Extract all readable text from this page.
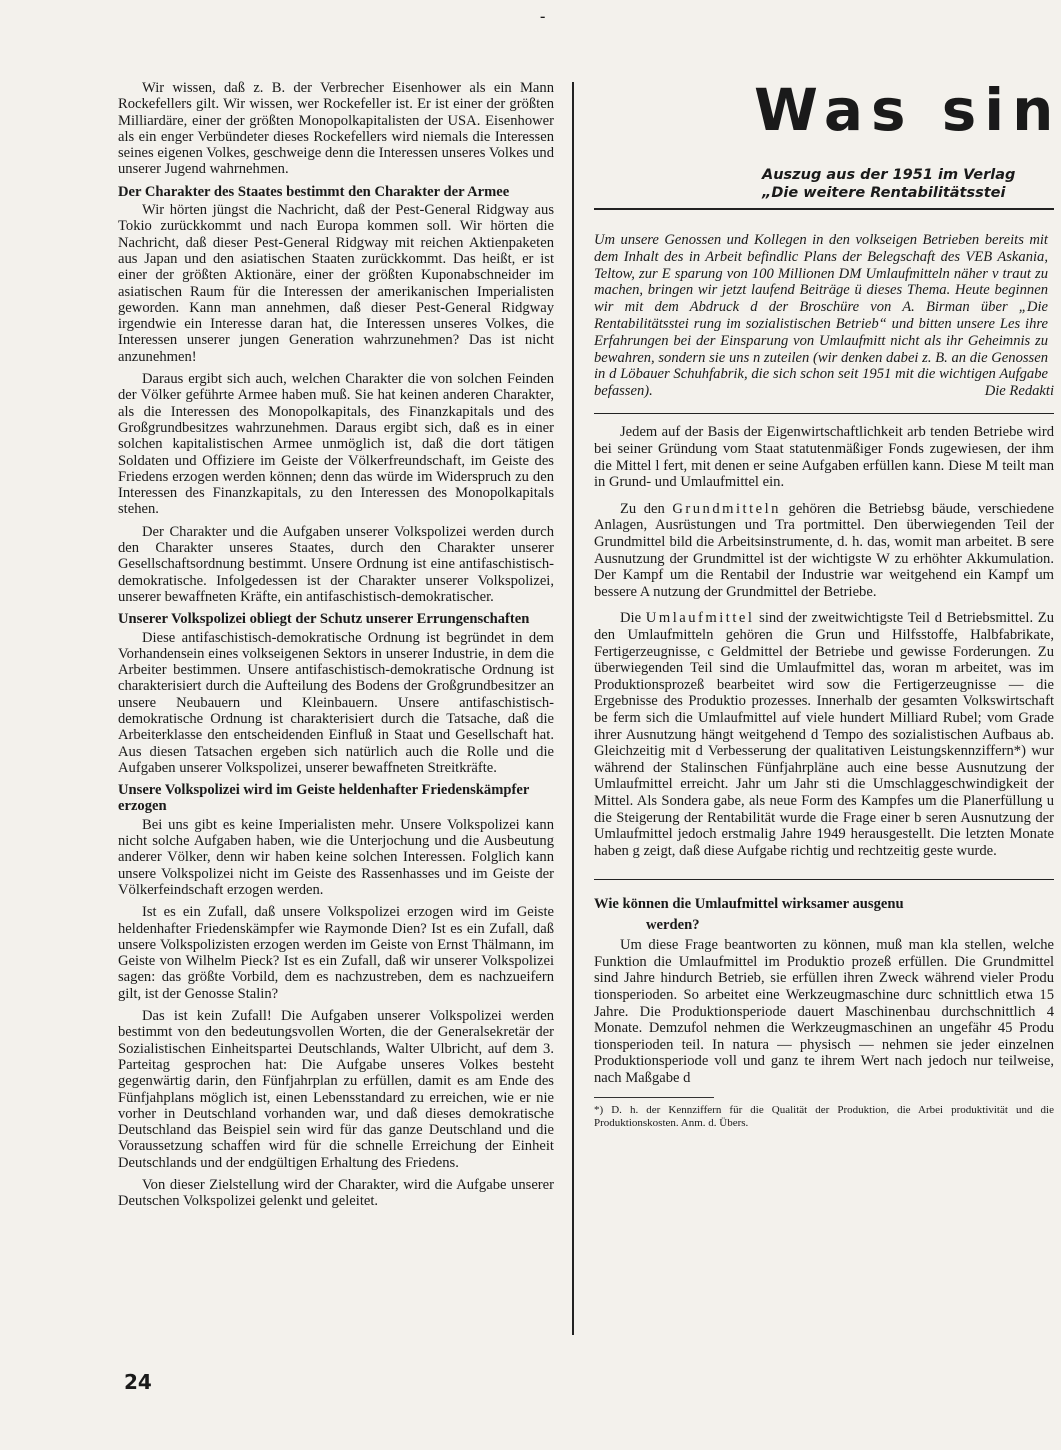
-

Wir wissen, daß z. B. der Verbrecher Eisenhower als ein Mann Rockefellers gilt. Wir wissen, wer Rockefeller ist. Er ist einer der größten Milliardäre, einer der größten Monopolkapitalisten der USA. Eisenhower als ein enger Verbündeter dieses Rockefellers wird niemals die Interessen seines eigenen Volkes, geschweige denn die Interessen unseres Volkes und unserer Jugend wahrnehmen.

Der Charakter des Staates bestimmt den Charakter der Armee

Wir hörten jüngst die Nachricht, daß der Pest-General Ridgway aus Tokio zurückkommt und nach Europa kommen soll. Wir hörten die Nachricht, daß dieser Pest-General Ridgway mit reichen Aktienpaketen aus Japan und den asiatischen Staaten zurückkommt. Das heißt, er ist einer der größten Aktionäre, einer der größten Kuponabschneider im asiatischen Raum für die Interessen der amerikanischen Imperialisten geworden. Kann man annehmen, daß dieser Pest-General Ridgway irgendwie ein Interesse daran hat, die Interessen unseres Volkes, die Interessen unserer jungen Generation wahrzunehmen? Das ist nicht anzunehmen!

Daraus ergibt sich auch, welchen Charakter die von solchen Feinden der Völker geführte Armee haben muß. Sie hat keinen anderen Charakter, als die Interessen des Monopolkapitals, des Finanzkapitals und des Großgrundbesitzes wahrzunehmen. Daraus ergibt sich, daß es in einer solchen kapitalistischen Armee unmöglich ist, daß die dort tätigen Soldaten und Offiziere im Geiste der Völkerfreundschaft, im Geiste des Friedens erzogen werden können; denn das würde im Widerspruch zu den Interessen des Finanzkapitals, zu den Interessen des Monopolkapitals stehen.

Der Charakter und die Aufgaben unserer Volkspolizei werden durch den Charakter unseres Staates, durch den Charakter unserer Gesellschaftsordnung bestimmt. Unsere Ordnung ist eine antifaschistisch-demokratische. Infolgedessen ist der Charakter unserer Volkspolizei, unserer bewaffneten Kräfte, ein antifaschistisch-demokratischer.

Unserer Volkspolizei obliegt der Schutz unserer Errungenschaften

Diese antifaschistisch-demokratische Ordnung ist begründet in dem Vorhandensein eines volkseigenen Sektors in unserer Industrie, in dem die Arbeiter bestimmen. Unsere antifaschistisch-demokratische Ordnung ist charakterisiert durch die Aufteilung des Bodens der Großgrundbesitzer an unsere Neubauern und Kleinbauern. Unsere antifaschistisch-demokratische Ordnung ist charakterisiert durch die Tatsache, daß die Arbeiterklasse den entscheidenden Einfluß in Staat und Gesellschaft hat. Aus diesen Tatsachen ergeben sich natürlich auch die Rolle und die Aufgaben unserer Volkspolizei, unserer bewaffneten Streitkräfte.

Unsere Volkspolizei wird im Geiste heldenhafter Friedenskämpfer erzogen

Bei uns gibt es keine Imperialisten mehr. Unsere Volkspolizei kann nicht solche Aufgaben haben, wie die Unterjochung und die Ausbeutung anderer Völker, denn wir haben keine solchen Interessen. Folglich kann unsere Volkspolizei nicht im Geiste des Rassenhasses und im Geiste der Völkerfeindschaft erzogen werden.

Ist es ein Zufall, daß unsere Volkspolizei erzogen wird im Geiste heldenhafter Friedenskämpfer wie Raymonde Dien? Ist es ein Zufall, daß unsere Volkspolizisten erzogen werden im Geiste von Ernst Thälmann, im Geiste von Wilhelm Pieck? Ist es ein Zufall, daß wir unserer Volkspolizei sagen: das größte Vorbild, dem es nachzustreben, dem es nachzueifern gilt, ist der Genosse Stalin?

Das ist kein Zufall! Die Aufgaben unserer Volkspolizei werden bestimmt von den bedeutungsvollen Worten, die der Generalsekretär der Sozialistischen Einheitspartei Deutschlands, Walter Ulbricht, auf dem 3. Parteitag gesprochen hat: Die Aufgabe unseres Volkes besteht gegenwärtig darin, den Fünfjahrplan zu erfüllen, damit es am Ende des Fünfjahplans möglich ist, einen Lebensstandard zu erreichen, wie er nie vorher in Deutschland vorhanden war, und daß dieses demokratische Deutschland das Beispiel sein wird für das ganze Deutschland und die Voraussetzung schaffen wird für die schnelle Erreichung der Einheit Deutschlands und der endgültigen Erhaltung des Friedens.

Von dieser Zielstellung wird der Charakter, wird die Aufgabe unserer Deutschen Volkspolizei gelenkt und geleitet.

Was sin
Auszug aus der 1951 im Verlag
„Die weitere Rentabilitätsstei
Um unsere Genossen und Kollegen in den volkseigen Betrieben bereits mit dem Inhalt des in Arbeit befindlic Plans der Belegschaft des VEB Askania, Teltow, zur E sparung von 100 Millionen DM Umlaufmitteln näher v traut zu machen, bringen wir jetzt laufend Beiträge ü dieses Thema. Heute beginnen wir mit dem Abdruck d der Broschüre von A. Birman über „Die Rentabilitätsstei rung im sozialistischen Betrieb“ und bitten unsere Les ihre Erfahrungen bei der Einsparung von Umlaufmitt nicht als ihr Geheimnis zu bewahren, sondern sie uns n zuteilen (wir denken dabei z. B. an die Genossen in d Löbauer Schuhfabrik, die sich schon seit 1951 mit die wichtigen Aufgabe befassen).	Die Redakti

Jedem auf der Basis der Eigenwirtschaftlichkeit arb tenden Betriebe wird bei seiner Gründung vom Staat statutenmäßiger Fonds zugewiesen, der ihm die Mittel l fert, mit denen er seine Aufgaben erfüllen kann. Diese M teilt man in Grund- und Umlaufmittel ein.

Zu den Grundmitteln gehören die Betriebsg bäude, verschiedene Anlagen, Ausrüstungen und Tra portmittel. Den überwiegenden Teil der Grundmittel bild die Arbeitsinstrumente, d. h. das, womit man arbeitet. B sere Ausnutzung der Grundmittel ist der wichtigste W zu erhöhter Akkumulation. Der Kampf um die Rentabil der Industrie war weitgehend ein Kampf um bessere A nutzung der Grundmittel der Betriebe.

Die Umlaufmittel sind der zweitwichtigste Teil d Betriebsmittel. Zu den Umlaufmitteln gehören die Grun und Hilfsstoffe, Halbfabrikate, Fertigerzeugnisse, c Geldmittel der Betriebe und gewisse Forderungen. Zu überwiegenden Teil sind die Umlaufmittel das, woran m arbeitet, was im Produktionsprozeß bearbeitet wird sow die Fertigerzeugnisse — die Ergebnisse des Produktio prozesses. Innerhalb der gesamten Volkswirtschaft be ferm sich die Umlaufmittel auf viele hundert Milliard Rubel; vom Grade ihrer Ausnutzung hängt weitgehend d Tempo des sozialistischen Aufbaus ab. Gleichzeitig mit d Verbesserung der qualitativen Leistungskennziffern*) wur während der Stalinschen Fünfjahrpläne auch eine besse Ausnutzung der Umlaufmittel erreicht. Jahr um Jahr sti die Umschlaggeschwindigkeit der Mittel. Als Sondera gabe, als neue Form des Kampfes um die Planerfüllung u die Steigerung der Rentabilität wurde die Frage einer b seren Ausnutzung der Umlaufmittel jedoch erstmalig Jahre 1949 herausgestellt. Die letzten Monate haben g zeigt, daß diese Aufgabe richtig und rechtzeitig geste wurde.

Wie können die Umlaufmittel wirksamer ausgenu
werden?

Um diese Frage beantworten zu können, muß man kla stellen, welche Funktion die Umlaufmittel im Produktio prozeß erfüllen. Die Grundmittel sind Jahre hindurch Betrieb, sie erfüllen ihren Zweck während vieler Produ tionsperioden. So arbeitet eine Werkzeugmaschine durc schnittlich etwa 15 Jahre. Die Produktionsperiode dauert Maschinenbau durchschnittlich 4 Monate. Demzufol nehmen die Werkzeugmaschinen an ungefähr 45 Produ tionsperioden teil. In natura — physisch — nehmen sie jeder einzelnen Produktionsperiode voll und ganz te ihrem Wert nach jedoch nur teilweise, nach Maßgabe d

*) D. h. der Kennziffern für die Qualität der Produktion, die Arbei produktivität und die Produktionskosten. Anm. d. Übers.
24
